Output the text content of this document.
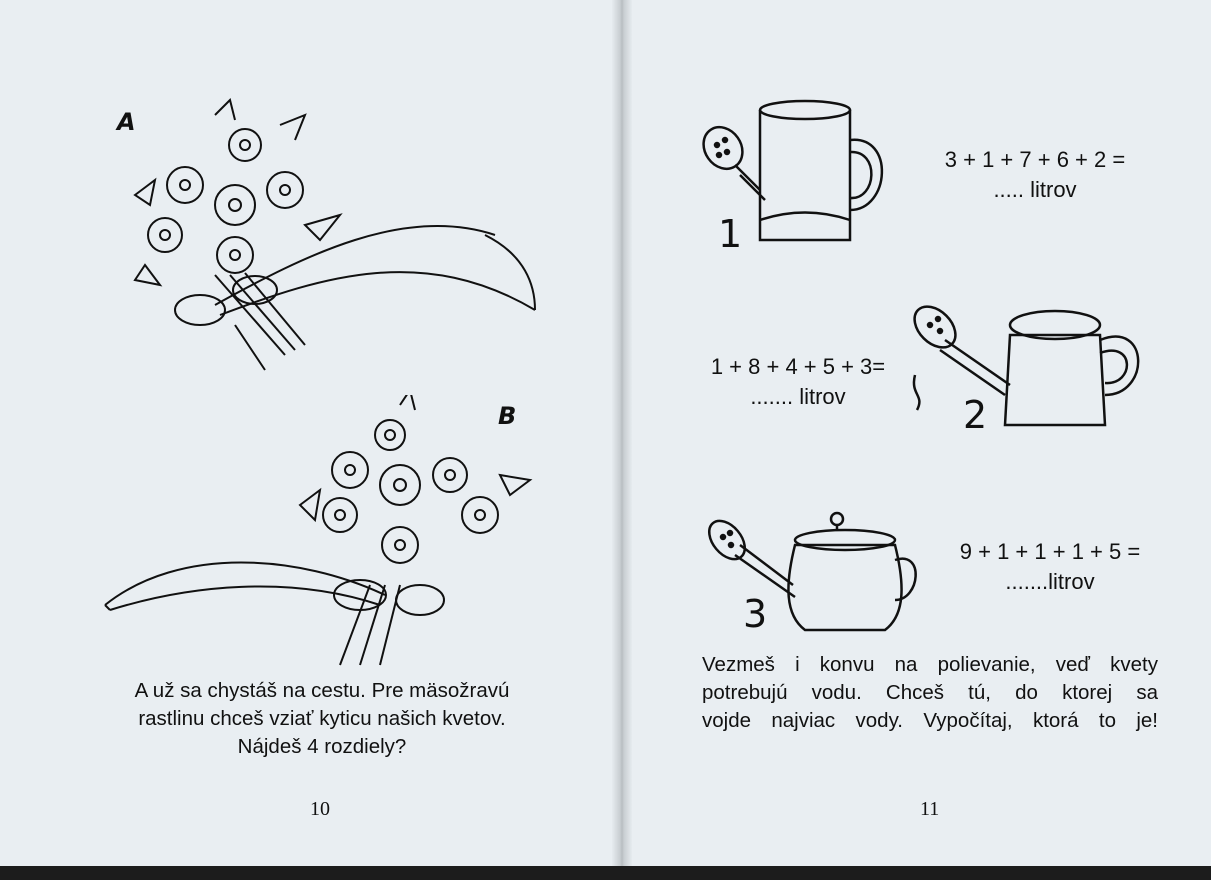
A
B
A už sa chystáš na cestu. Pre mäsožravú
rastlinu chceš vziať kyticu našich kvetov.
Nájdeš 4 rozdiely?
10
1
3 + 1 + 7 + 6 + 2 =
..... litrov
1 + 8 + 4 + 5 + 3=
....... litrov	2
3
9 + 1 + 1 + 1 + 5 =
.......litrov
Vezmeš i konvu na polievanie, veď kvety
potrebujú vodu. Chceš tú, do ktorej sa
vojde najviac vody. Vypočítaj, ktorá to je!
11
